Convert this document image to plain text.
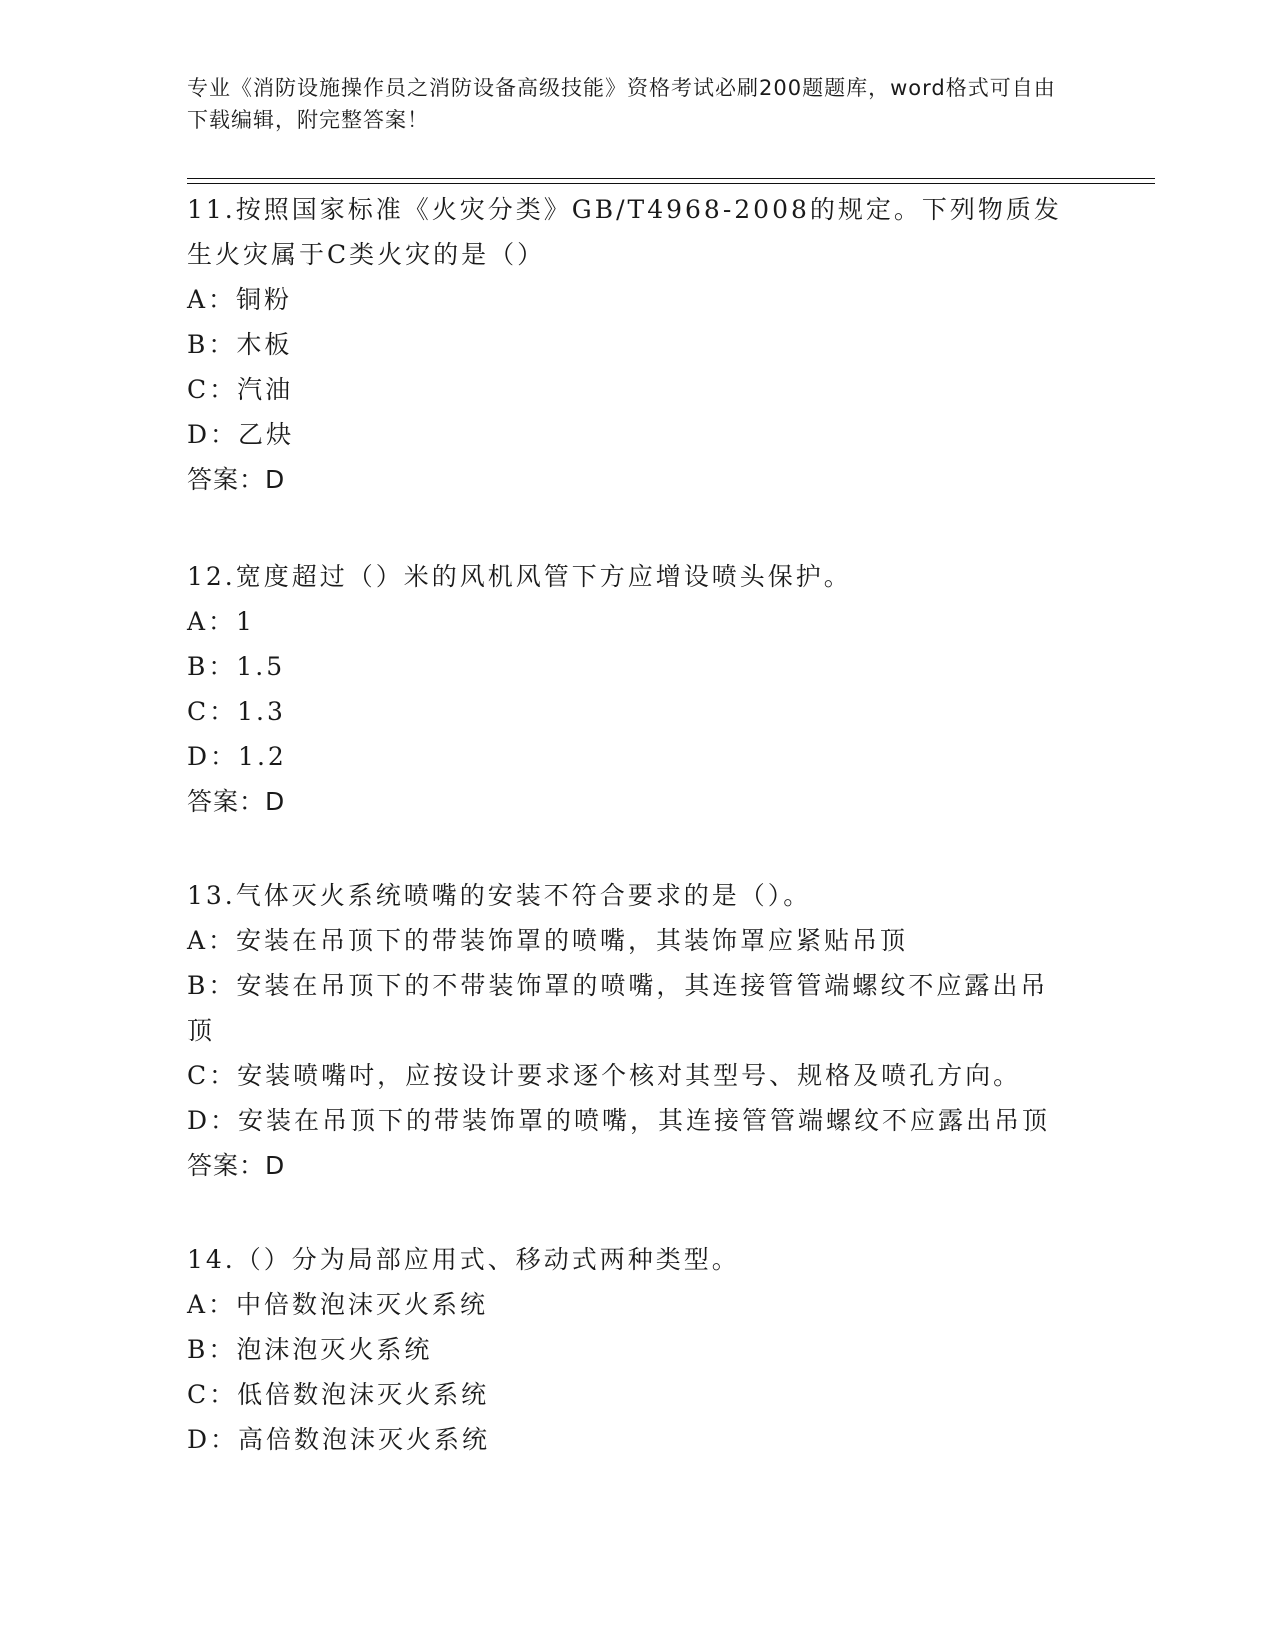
专业《消防设施操作员之消防设备高级技能》资格考试必刷200题题库，word格式可自由下载编辑，附完整答案！
11.按照国家标准《火灾分类》GB/T4968-2008的规定。下列物质发生火灾属于C类火灾的是（）
A：铜粉
B：木板
C：汽油
D：乙炔
答案：D
12.宽度超过（）米的风机风管下方应增设喷头保护。
A：1
B：1.5
C：1.3
D：1.2
答案：D
13.气体灭火系统喷嘴的安装不符合要求的是（）。
A：安装在吊顶下的带装饰罩的喷嘴，其装饰罩应紧贴吊顶
B：安装在吊顶下的不带装饰罩的喷嘴，其连接管管端螺纹不应露出吊顶
C：安装喷嘴吋，应按设计要求逐个核对其型号、规格及喷孔方向。
D：安装在吊顶下的带装饰罩的喷嘴，其连接管管端螺纹不应露出吊顶
答案：D
14.（）分为局部应用式、移动式两种类型。
A：中倍数泡沫灭火系统
B：泡沫泡灭火系统
C：低倍数泡沫灭火系统
D：高倍数泡沫灭火系统
